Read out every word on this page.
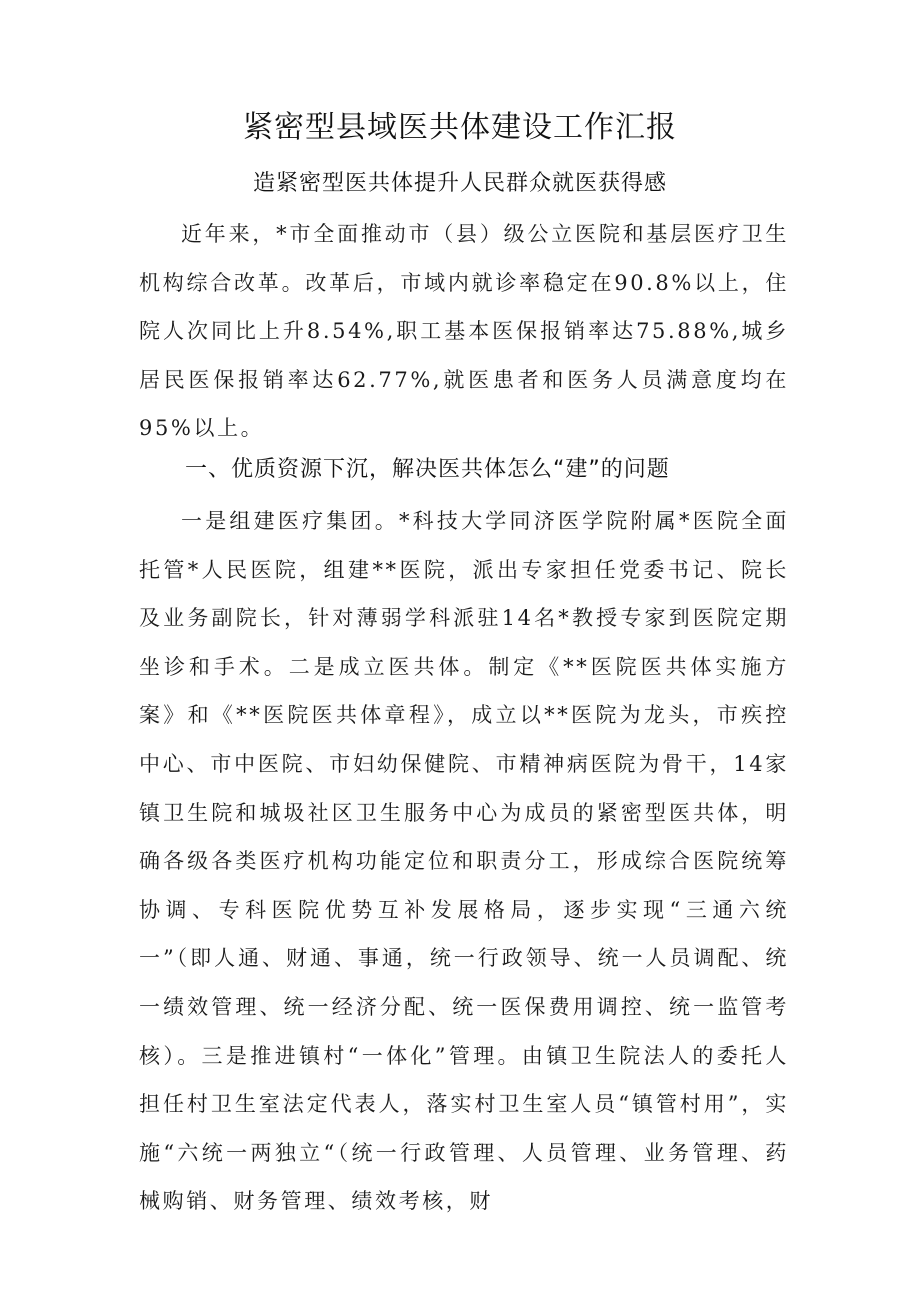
紧密型县域医共体建设工作汇报
造紧密型医共体提升人民群众就医获得感

近年来，*市全面推动市（县）级公立医院和基层医疗卫生机构综合改革。改革后，市域内就诊率稳定在90.8%以上，住院人次同比上升8.54%,职工基本医保报销率达75.88%,城乡居民医保报销率达62.77%,就医患者和医务人员满意度均在95%以上。

一、优质资源下沉，解决医共体怎么“建”的问题

一是组建医疗集团。*科技大学同济医学院附属*医院全面托管*人民医院，组建**医院，派出专家担任党委书记、院长及业务副院长，针对薄弱学科派驻14名*教授专家到医院定期坐诊和手术。二是成立医共体。制定《**医院医共体实施方案》和《**医院医共体章程》，成立以**医院为龙头，市疾控中心、市中医院、市妇幼保健院、市精神病医院为骨干，14家镇卫生院和城圾社区卫生服务中心为成员的紧密型医共体，明确各级各类医疗机构功能定位和职责分工，形成综合医院统筹协调、专科医院优势互补发展格局，逐步实现“三通六统一”（即人通、财通、事通，统一行政领导、统一人员调配、统一绩效管理、统一经济分配、统一医保费用调控、统一监管考核）。三是推进镇村“一体化”管理。由镇卫生院法人的委托人担任村卫生室法定代表人，落实村卫生室人员“镇管村用”，实施“六统一两独立“（统一行政管理、人员管理、业务管理、药械购销、财务管理、绩效考核，财
